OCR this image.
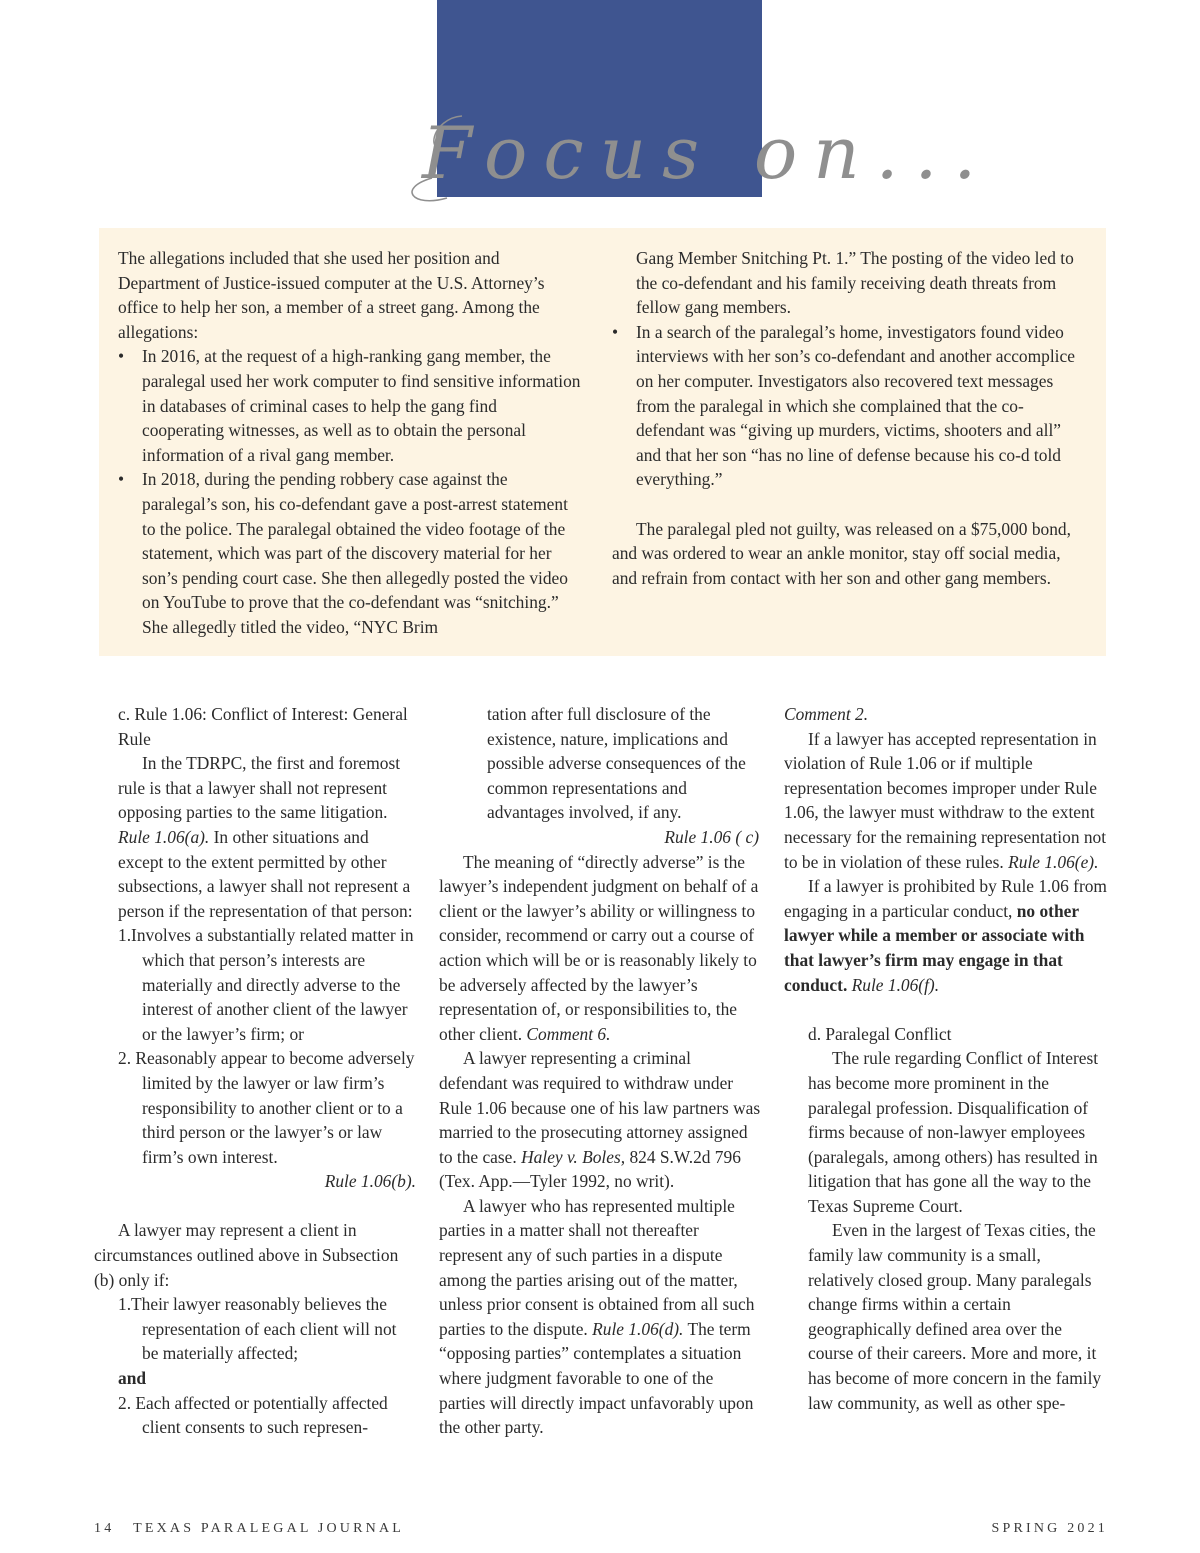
Focus on...

The allegations included that she used her position and Department of Justice-issued computer at the U.S. Attorney’s office to help her son, a member of a street gang. Among the allegations:

• In 2016, at the request of a high-ranking gang member, the paralegal used her work computer to find sensitive information in databases of criminal cases to help the gang find cooperating witnesses, as well as to obtain the personal information of a rival gang member.

• In 2018, during the pending robbery case against the paralegal’s son, his co-defendant gave a post-arrest statement to the police. The paralegal obtained the video footage of the statement, which was part of the discovery material for her son’s pending court case. She then allegedly posted the video on YouTube to prove that the co-defendant was “snitching.” She allegedly titled the video, “NYC Brim

Gang Member Snitching Pt. 1.” The posting of the video led to the co-defendant and his family receiving death threats from fellow gang members.

• In a search of the paralegal’s home, investigators found video interviews with her son’s co-defendant and another accomplice on her computer. Investigators also recovered text messages from the paralegal in which she complained that the co-defendant was “giving up murders, victims, shooters and all” and that her son “has no line of defense because his co-d told everything.”

The paralegal pled not guilty, was released on a $75,000 bond, and was ordered to wear an ankle monitor, stay off social media, and refrain from contact with her son and other gang members.

c. Rule 1.06: Conflict of Interest: General Rule

In the TDRPC, the first and foremost rule is that a lawyer shall not represent opposing parties to the same litigation. Rule 1.06(a). In other situations and except to the extent permitted by other subsections, a lawyer shall not represent a person if the representation of that person:

1.Involves a substantially related matter in which that person’s interests are materially and directly adverse to the interest of another client of the lawyer or the lawyer’s firm; or

2. Reasonably appear to become adversely limited by the lawyer or law firm’s responsibility to another client or to a third person or the lawyer’s or law firm’s own interest.

Rule 1.06(b).

A lawyer may represent a client in circumstances outlined above in Subsection (b) only if:

1.Their lawyer reasonably believes the representation of each client will not be materially affected;

and

2. Each affected or potentially affected client consents to such represen-

tation after full disclosure of the existence, nature, implications and possible adverse consequences of the common representations and advantages involved, if any.

Rule 1.06 ( c)

The meaning of “directly adverse” is the lawyer’s independent judgment on behalf of a client or the lawyer’s ability or willingness to consider, recommend or carry out a course of action which will be or is reasonably likely to be adversely affected by the lawyer’s representation of, or responsibilities to, the other client. Comment 6.

A lawyer representing a criminal defendant was required to withdraw under Rule 1.06 because one of his law partners was married to the prosecuting attorney assigned to the case. Haley v. Boles, 824 S.W.2d 796 (Tex. App.—Tyler 1992, no writ).

A lawyer who has represented multiple parties in a matter shall not thereafter represent any of such parties in a dispute among the parties arising out of the matter, unless prior consent is obtained from all such parties to the dispute. Rule 1.06(d). The term “opposing parties” contemplates a situation where judgment favorable to one of the parties will directly impact unfavorably upon the other party.

Comment 2.

If a lawyer has accepted representation in violation of Rule 1.06 or if multiple representation becomes improper under Rule 1.06, the lawyer must withdraw to the extent necessary for the remaining representation not to be in violation of these rules. Rule 1.06(e).

If a lawyer is prohibited by Rule 1.06 from engaging in a particular conduct, no other lawyer while a member or associate with that lawyer’s firm may engage in that conduct. Rule 1.06(f).

d. Paralegal Conflict

The rule regarding Conflict of Interest has become more prominent in the paralegal profession. Disqualification of firms because of non-lawyer employees (paralegals, among others) has resulted in litigation that has gone all the way to the Texas Supreme Court.

Even in the largest of Texas cities, the family law community is a small, relatively closed group. Many paralegals change firms within a certain geographically defined area over the course of their careers. More and more, it has become of more concern in the family law community, as well as other spe-

14 TEXAS PARALEGAL JOURNAL	SPRING 2021
